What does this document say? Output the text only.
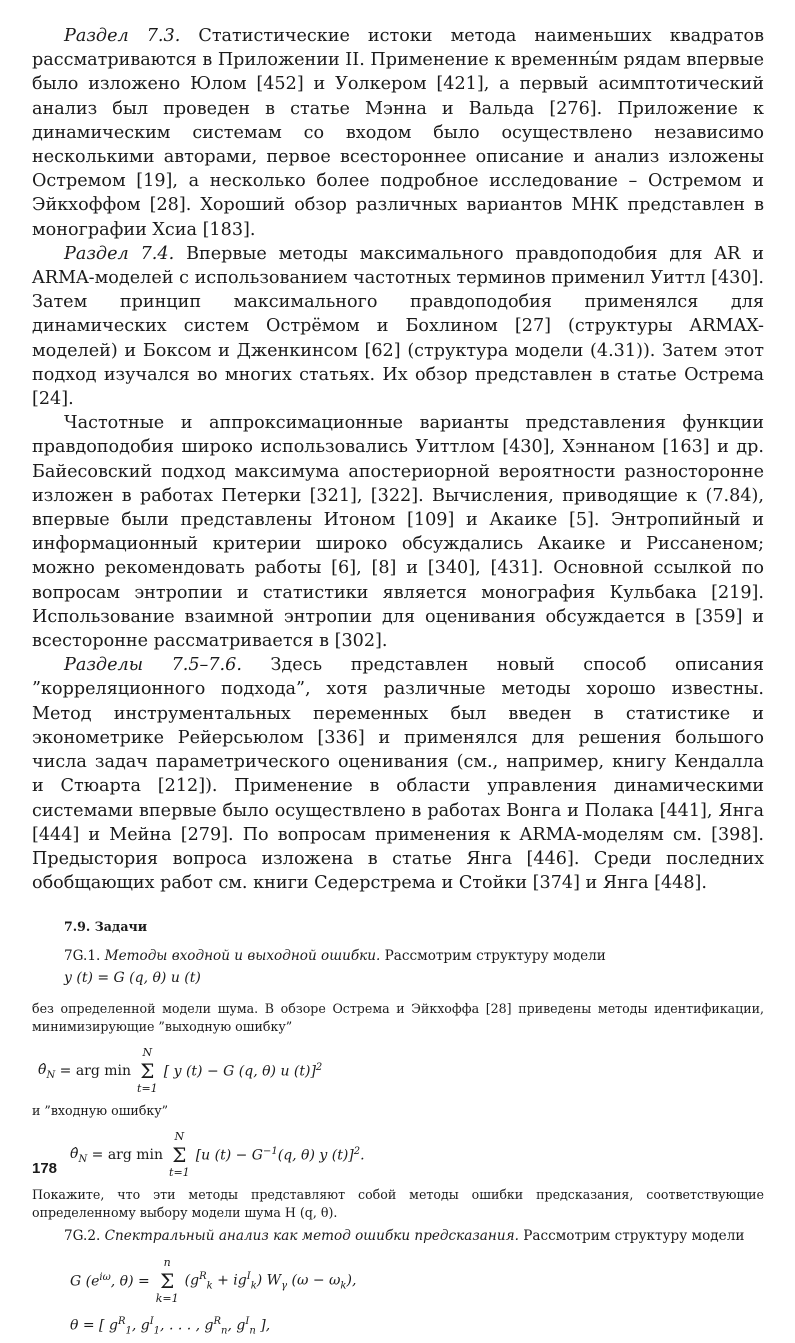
Раздел 7.3. Статистические истоки метода наименьших квадратов рассматриваются в Приложении II. Применение к временны́м рядам впервые было изложено Юлом [452] и Уолкером [421], а первый асимптотический анализ был проведен в статье Мэнна и Вальда [276]. Приложение к динамическим системам со входом было осуществлено независимо несколькими авторами, первое всестороннее описание и анализ изложены Остремом [19], а несколько более подробное исследование – Остремом и Эйкхоффом [28]. Хороший обзор различных вариантов МНК представлен в монографии Хсиа [183].

Раздел 7.4. Впервые методы максимального правдоподобия для AR и ARMA-моделей с использованием частотных терминов применил Уиттл [430]. Затем принцип максимального правдоподобия применялся для динамических систем Острёмом и Бохлином [27] (структуры ARMAX-моделей) и Боксом и Дженкинсом [62] (структура модели (4.31)). Затем этот подход изучался во многих статьях. Их обзор представлен в статье Острема [24].

Частотные и аппроксимационные варианты представления функции правдоподобия широко использовались Уиттлом [430], Хэннаном [163] и др. Байесовский подход максимума апостериорной вероятности разносторонне изложен в работах Петерки [321], [322]. Вычисления, приводящие к (7.84), впервые были представлены Итоном [109] и Акаике [5]. Энтропийный и информационный критерии широко обсуждались Акаике и Риссаненом; можно рекомендовать работы [6], [8] и [340], [431]. Основной ссылкой по вопросам энтропии и статистики является монография Кульбака [219]. Использование взаимной энтропии для оценивания обсуждается в [359] и всесторонне рассматривается в [302].

Разделы 7.5–7.6. Здесь представлен новый способ описания ”корреляционного подхода”, хотя различные методы хорошо известны. Метод инструментальных переменных был введен в статистике и эконометрике Рейерсьюлом [336] и применялся для решения большого числа задач параметрического оценивания (см., например, книгу Кендалла и Стюарта [212]). Применение в области управления динамическими системами впервые было осуществлено в работах Вонга и Полака [441], Янга [444] и Мейна [279]. По вопросам применения к ARMA-моделям см. [398]. Предыстория вопроса изложена в статье Янга [446]. Среди последних обобщающих работ см. книги Седерстрема и Стойки [374] и Янга [448].

7.9. Задачи
7G.1. Методы входной и выходной ошибки. Рассмотрим структуру модели
y (t) = G (q, θ) u (t)

без определенной модели шума. В обзоре Острема и Эйкхоффа [28] приведены методы идентификации, минимизирующие ”выходную ошибку”

$\thetâ_N$ = arg min
N
Σ
t=1
[ y (t) − G (q, θ) u (t)]$^2$

и ”входную ошибку”

$\thetâ_N$ = arg min
N
Σ
t=1
[u $(t) - G^{-1}(q$, θ) y (t)]$^2$.

Покажите, что эти методы представляют собой методы ошибки предсказания, соответствующие определенному выбору модели шума H (q, θ).

7G.2. Спектральный анализ как метод ошибки предсказания. Рассмотрим структуру модели
G ($e^{i\omega}$, θ) =
n
Σ
k=1
$(g^R_k + ig^I_k)$ $W_\gamma$ $(\omega - \omega_k)$,
θ = [ $g^R_1$, $g^I_1$, . . . , $g^R_n$, $g^I_n$ ],
178
